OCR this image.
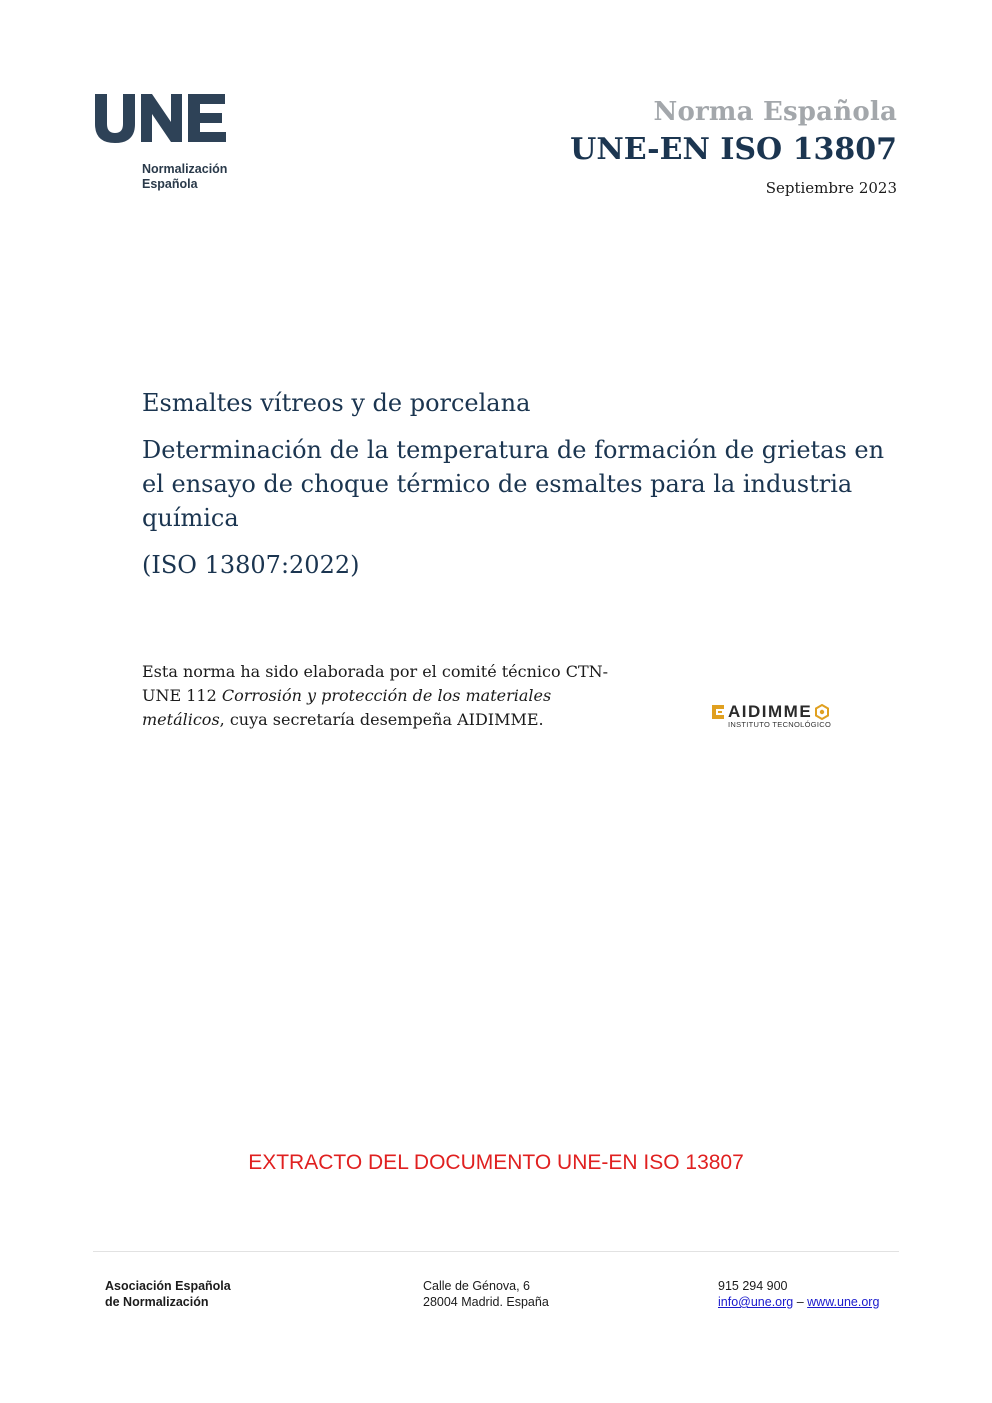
Normalización
Española
Norma Española
UNE-EN ISO 13807
Septiembre 2023
Esmaltes vítreos y de porcelana
Determinación de la temperatura de formación de grietas en el ensayo de choque térmico de esmaltes para la industria química
(ISO 13807:2022)
Esta norma ha sido elaborada por el comité técnico CTN-UNE 112 Corrosión y protección de los materiales metálicos, cuya secretaría desempeña AIDIMME.	AIDIMME
INSTITUTO TECNOLÓGICO
EXTRACTO DEL DOCUMENTO UNE-EN ISO 13807
Asociación Española
de Normalización
Calle de Génova, 6
28004 Madrid. España
915 294 900
info@une.org – www.une.org
